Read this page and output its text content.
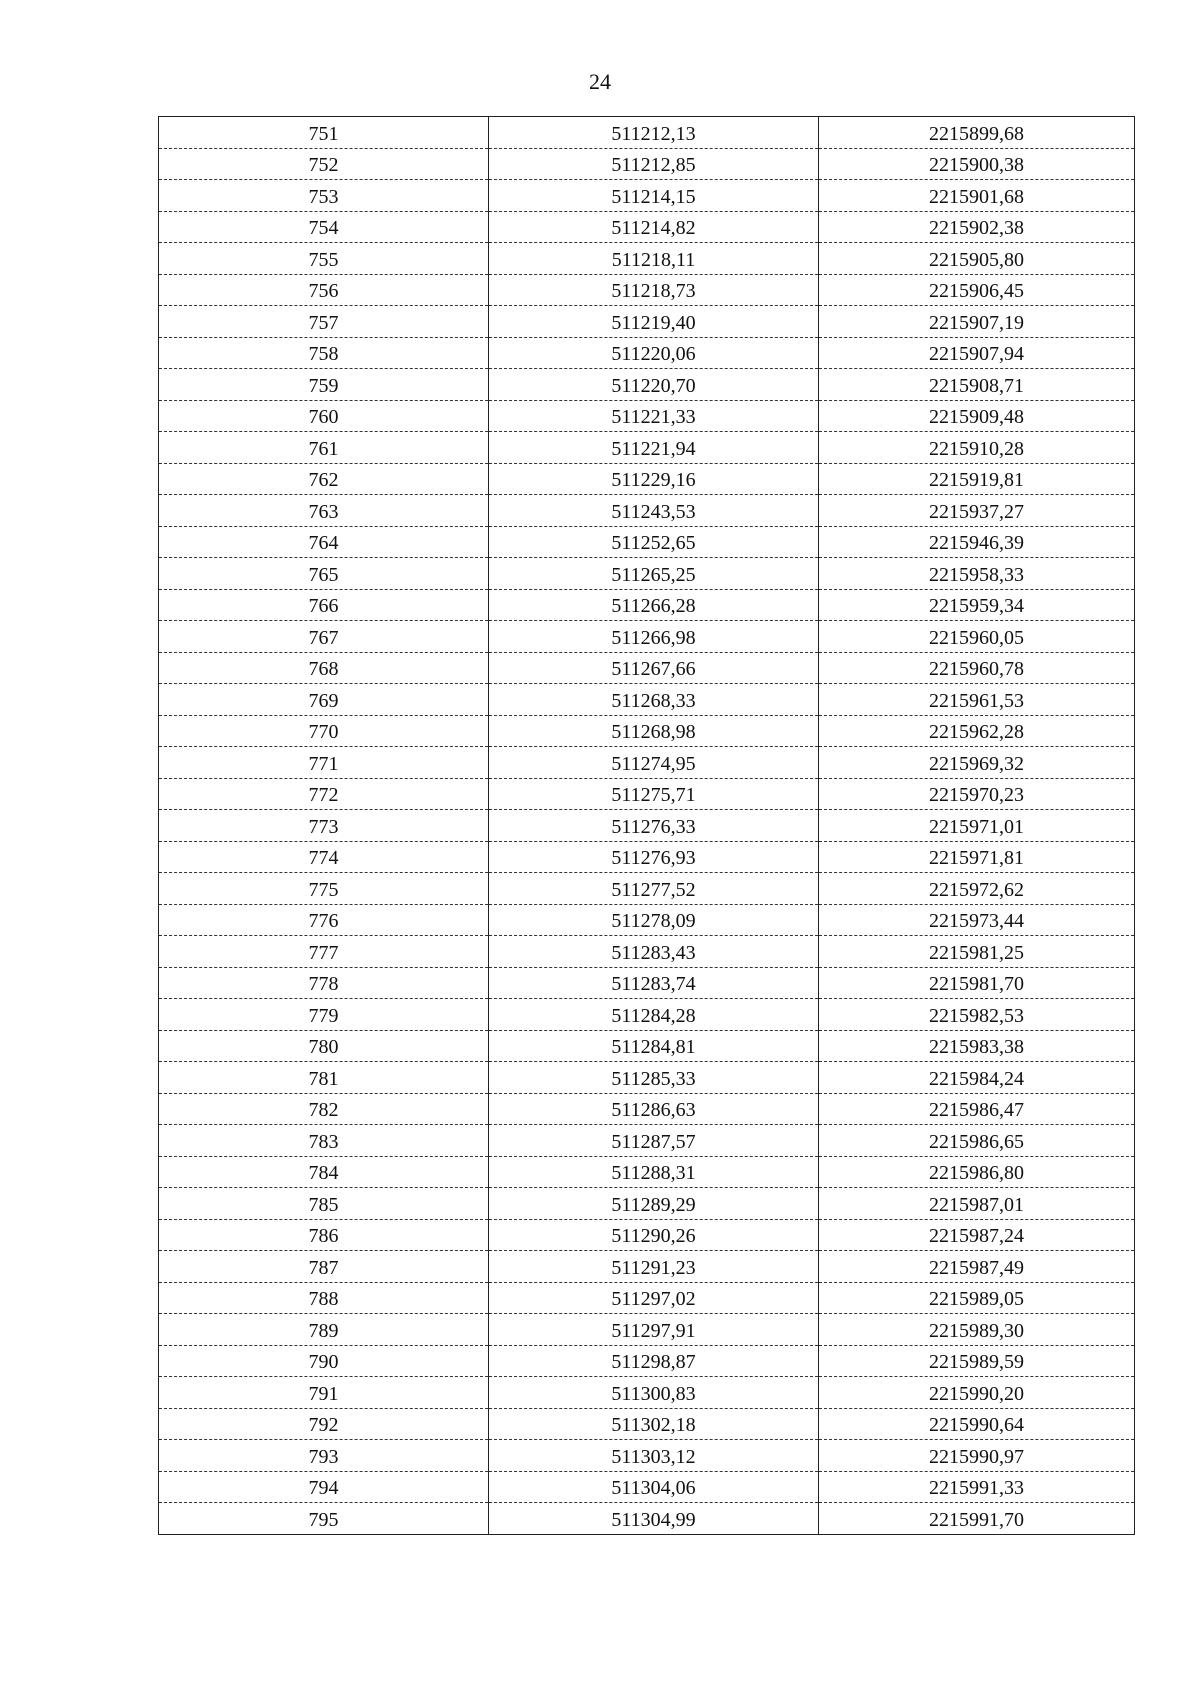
24
751	511212,13	2215899,68
752	511212,85	2215900,38
753	511214,15	2215901,68
754	511214,82	2215902,38
755	511218,11	2215905,80
756	511218,73	2215906,45
757	511219,40	2215907,19
758	511220,06	2215907,94
759	511220,70	2215908,71
760	511221,33	2215909,48
761	511221,94	2215910,28
762	511229,16	2215919,81
763	511243,53	2215937,27
764	511252,65	2215946,39
765	511265,25	2215958,33
766	511266,28	2215959,34
767	511266,98	2215960,05
768	511267,66	2215960,78
769	511268,33	2215961,53
770	511268,98	2215962,28
771	511274,95	2215969,32
772	511275,71	2215970,23
773	511276,33	2215971,01
774	511276,93	2215971,81
775	511277,52	2215972,62
776	511278,09	2215973,44
777	511283,43	2215981,25
778	511283,74	2215981,70
779	511284,28	2215982,53
780	511284,81	2215983,38
781	511285,33	2215984,24
782	511286,63	2215986,47
783	511287,57	2215986,65
784	511288,31	2215986,80
785	511289,29	2215987,01
786	511290,26	2215987,24
787	511291,23	2215987,49
788	511297,02	2215989,05
789	511297,91	2215989,30
790	511298,87	2215989,59
791	511300,83	2215990,20
792	511302,18	2215990,64
793	511303,12	2215990,97
794	511304,06	2215991,33
795	511304,99	2215991,70
